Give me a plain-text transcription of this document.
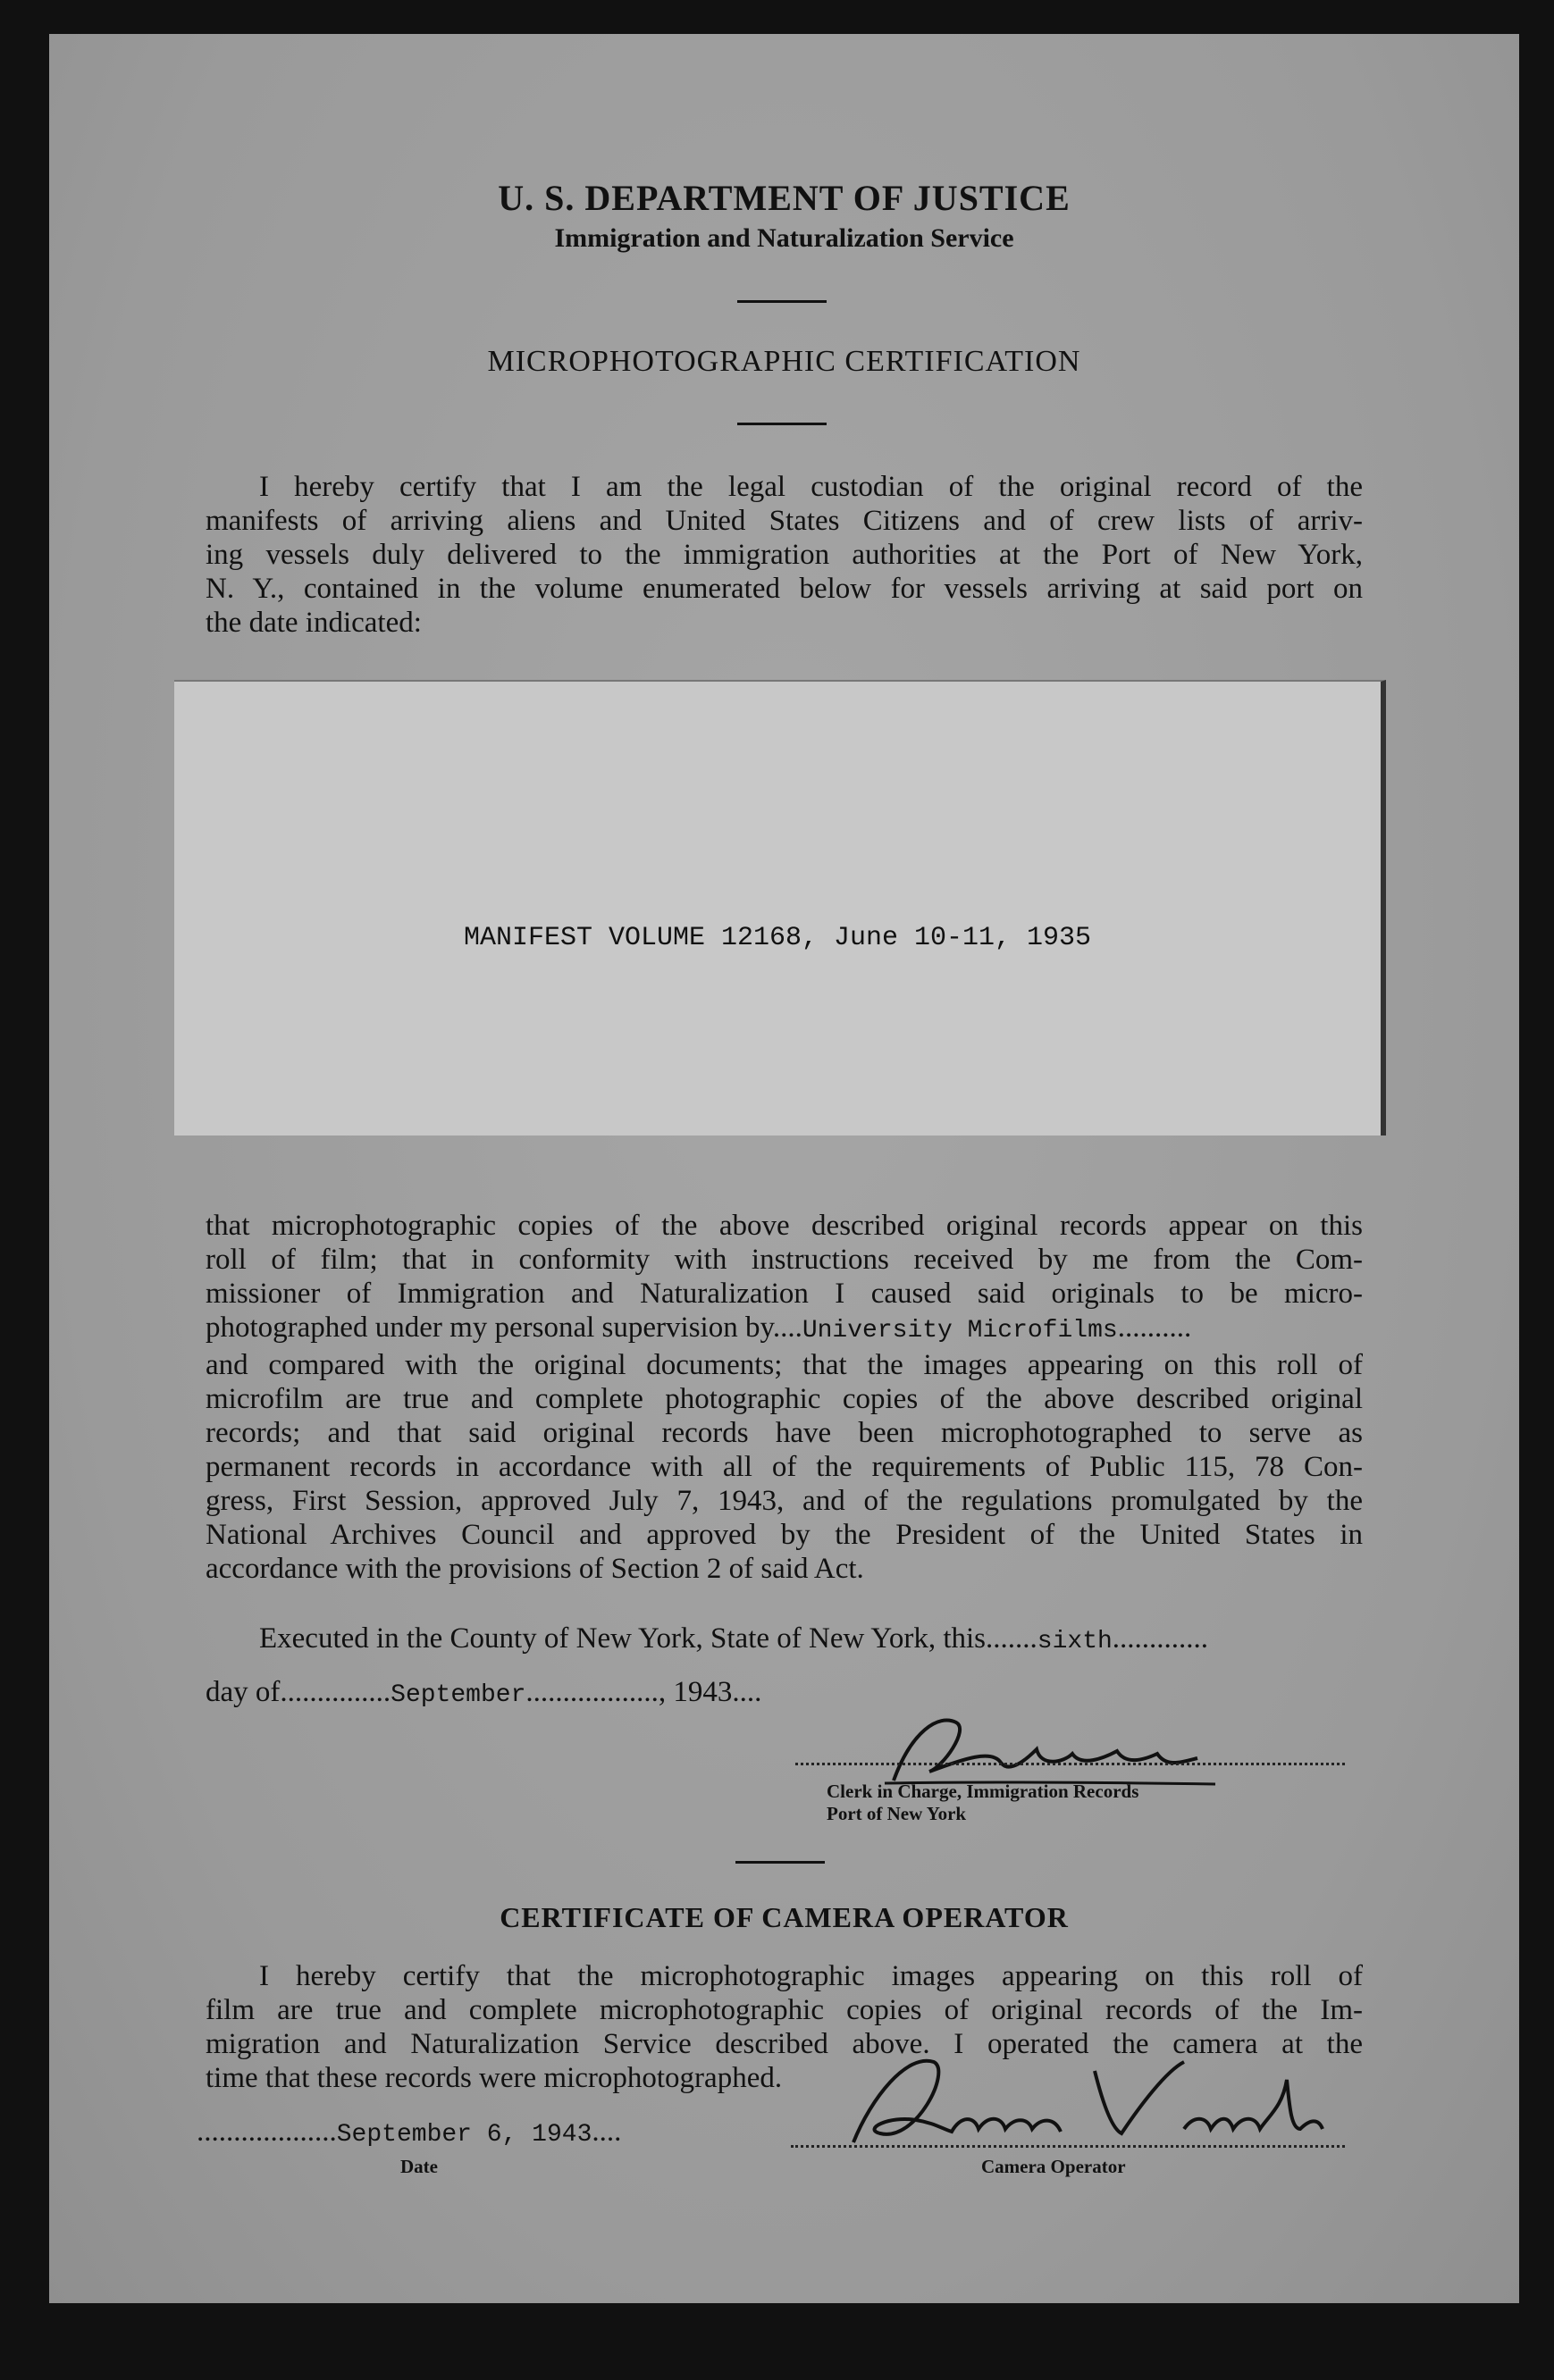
U. S. DEPARTMENT OF JUSTICE
Immigration and Naturalization Service
MICROPHOTOGRAPHIC CERTIFICATION
I hereby certify that I am the legal custodian of the original record of the
manifests of arriving aliens and United States Citizens and of crew lists of arriv-
ing vessels duly delivered to the immigration authorities at the Port of New York,
N. Y., contained in the volume enumerated below for vessels arriving at said port on
the date indicated:
MANIFEST VOLUME 12168, June 10-11, 1935
that microphotographic copies of the above described original records appear on this
roll of film; that in conformity with instructions received by me from the Com-
missioner of Immigration and Naturalization I caused said originals to be micro-
photographed under my personal supervision by....University Microfilms..........
and compared with the original documents; that the images appearing on this roll of
microfilm are true and complete photographic copies of the above described original
records; and that said original records have been microphotographed to serve as
permanent records in accordance with all of the requirements of Public 115, 78 Con-
gress, First Session, approved July 7, 1943, and of the regulations promulgated by the
National Archives Council and approved by the President of the United States in
accordance with the provisions of Section 2 of said Act.
Executed in the County of New York, State of New York, this.......sixth.............
day of...............September.................., 1943....
Clerk in Charge, Immigration Records
Port of New York
CERTIFICATE OF CAMERA OPERATOR
I hereby certify that the microphotographic images appearing on this roll of
film are true and complete microphotographic copies of original records of the Im-
migration and Naturalization Service described above. I operated the camera at the
time that these records were microphotographed.
...................September 6, 1943....
Date	Camera Operator
